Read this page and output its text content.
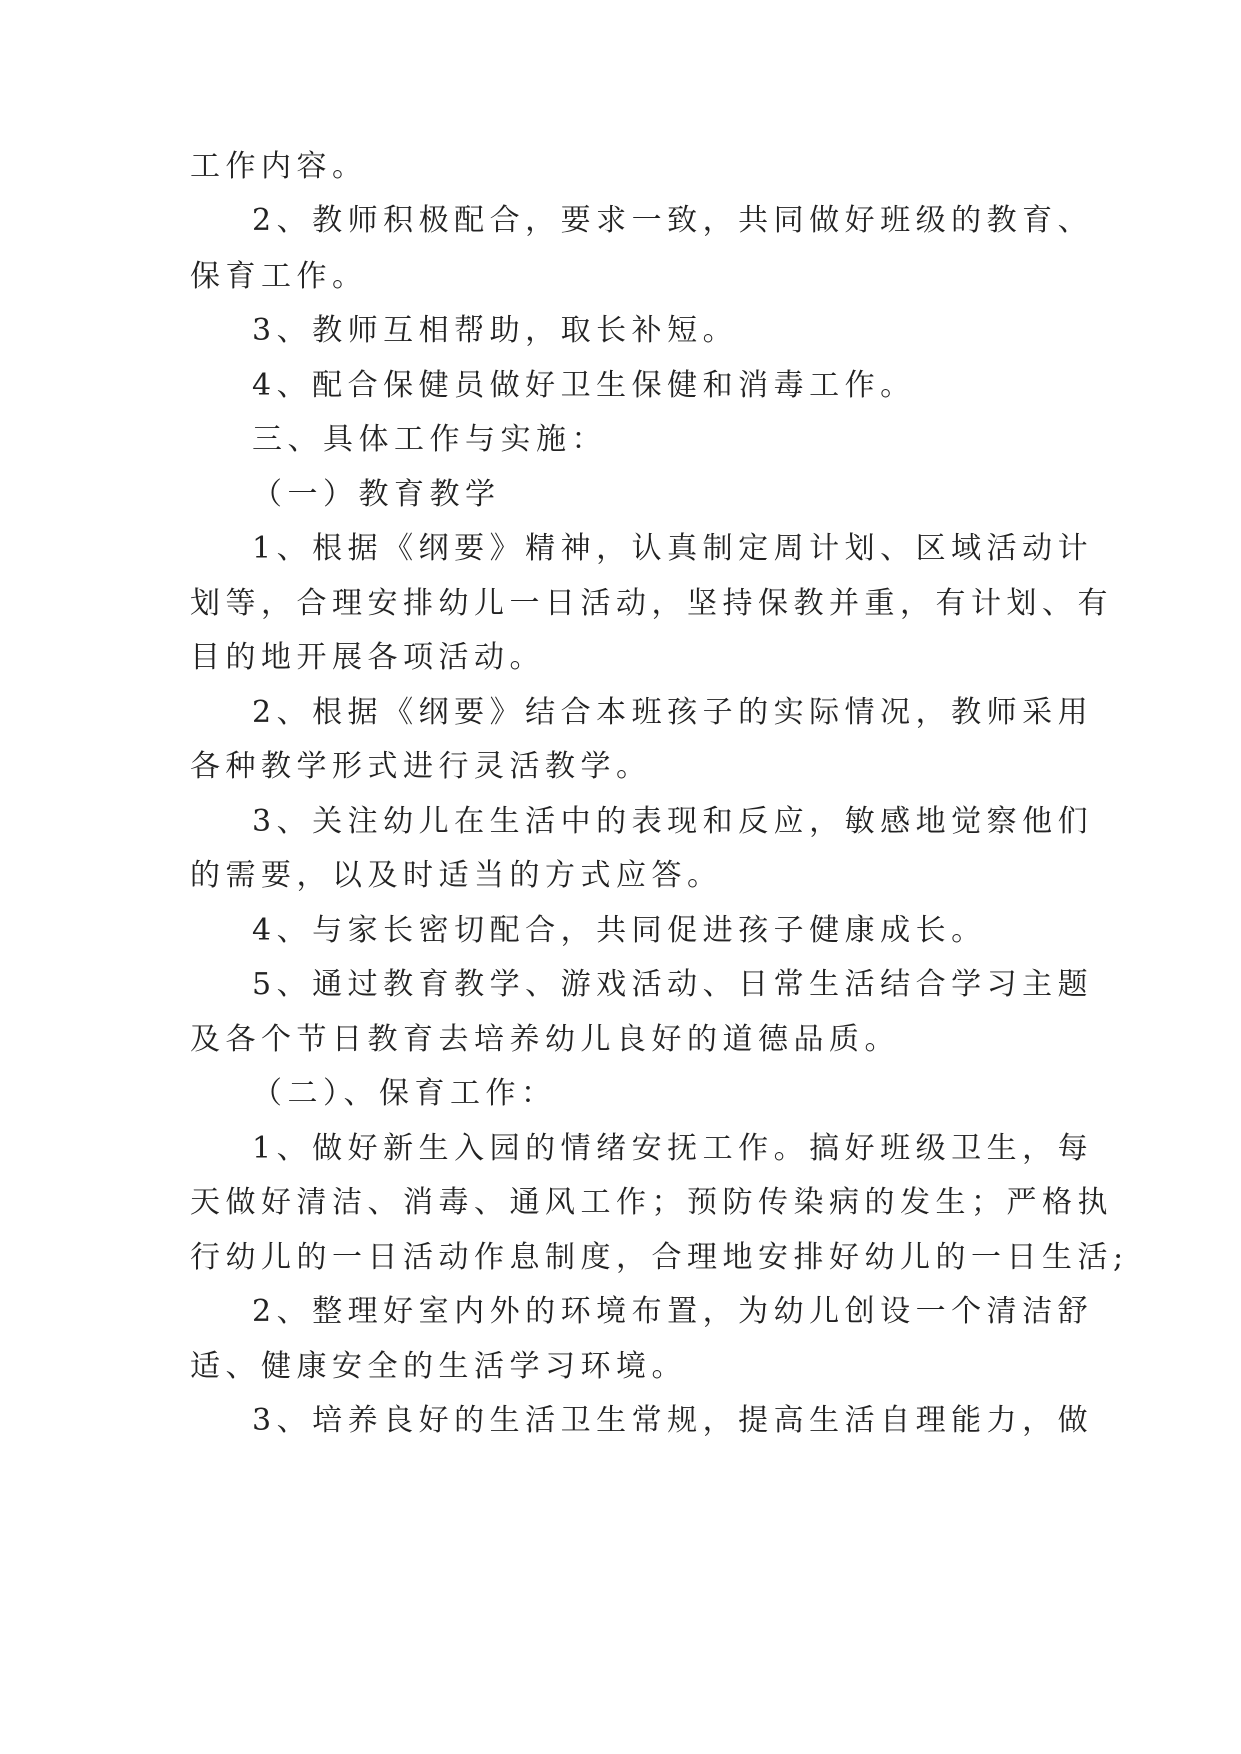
工作内容。
2、教师积极配合，要求一致，共同做好班级的教育、
保育工作。
3、教师互相帮助，取长补短。
4、配合保健员做好卫生保健和消毒工作。
三、具体工作与实施：
（一）教育教学
1、根据《纲要》精神，认真制定周计划、区域活动计
划等，合理安排幼儿一日活动，坚持保教并重，有计划、有
目的地开展各项活动。
2、根据《纲要》结合本班孩子的实际情况，教师采用
各种教学形式进行灵活教学。
3、关注幼儿在生活中的表现和反应，敏感地觉察他们
的需要，以及时适当的方式应答。
4、与家长密切配合，共同促进孩子健康成长。
5、通过教育教学、游戏活动、日常生活结合学习主题
及各个节日教育去培养幼儿良好的道德品质。
（二）、保育工作：
1、做好新生入园的情绪安抚工作。搞好班级卫生，每
天做好清洁、消毒、通风工作；预防传染病的发生；严格执
行幼儿的一日活动作息制度，合理地安排好幼儿的一日生活;
2、整理好室内外的环境布置，为幼儿创设一个清洁舒
适、健康安全的生活学习环境。
3、培养良好的生活卫生常规，提高生活自理能力，做
